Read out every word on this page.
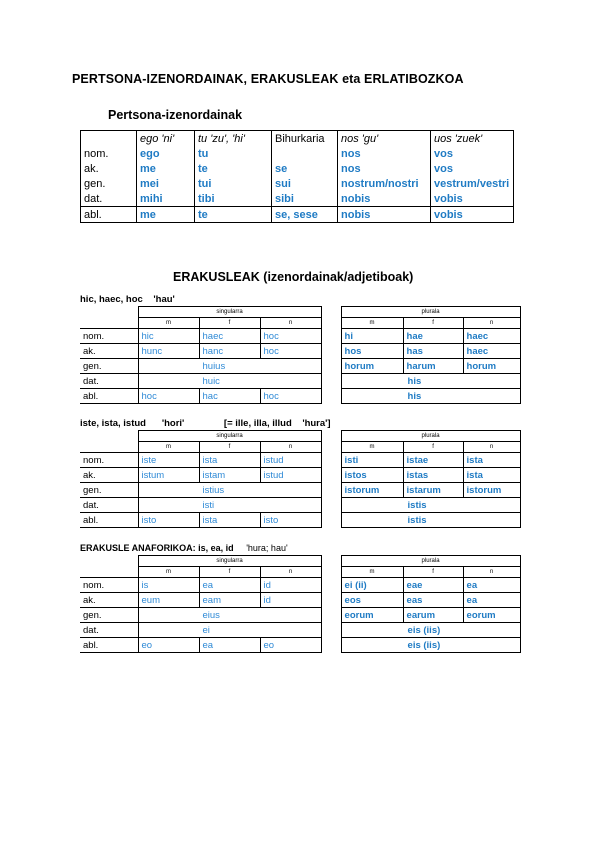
PERTSONA-IZENORDAINAK, ERAKUSLEAK eta ERLATIBOZKOA
Pertsona-izenordainak
	ego 'ni'	tu 'zu', 'hi'	Bihurkaria	nos 'gu'	uos 'zuek'
nom.	ego	tu		nos	vos
ak.	me	te	se	nos	vos
gen.	mei	tui	sui	nostrum/nostri	vestrum/vestri
dat.	mihi	tibi	sibi	nobis	vobis
abl.	me	te	se, sese	nobis	vobis
ERAKUSLEAK (izenordainak/adjetiboak)
hic, haec, hoc 'hau'
	singularra				plurala		
	m	f	n		m	f	n
nom.	hic	haec	hoc		hi	hae	haec
ak.	hunc	hanc	hoc		hos	has	haec
gen.	huius				horum	harum	horum
dat.	huic				his		
abl.	hoc	hac	hoc		his		
iste, ista, istud 'hori'	[= ille, illa, illud 'hura']
	singularra				plurala		
	m	f	n		m	f	n
nom.	iste	ista	istud		isti	istae	ista
ak.	istum	istam	istud		istos	istas	ista
gen.	istius				istorum	istarum	istorum
dat.	isti				istis		
abl.	isto	ista	isto		istis		
ERAKUSLE ANAFORIKOA: is, ea, id 'hura; hau'
	singularra				plurala		
	m	f	n		m	f	n
nom.	is	ea	id		ei (ii)	eae	ea
ak.	eum	eam	id		eos	eas	ea
gen.	eius				eorum	earum	eorum
dat.	ei				eis (iis)		
abl.	eo	ea	eo		eis (iis)		
